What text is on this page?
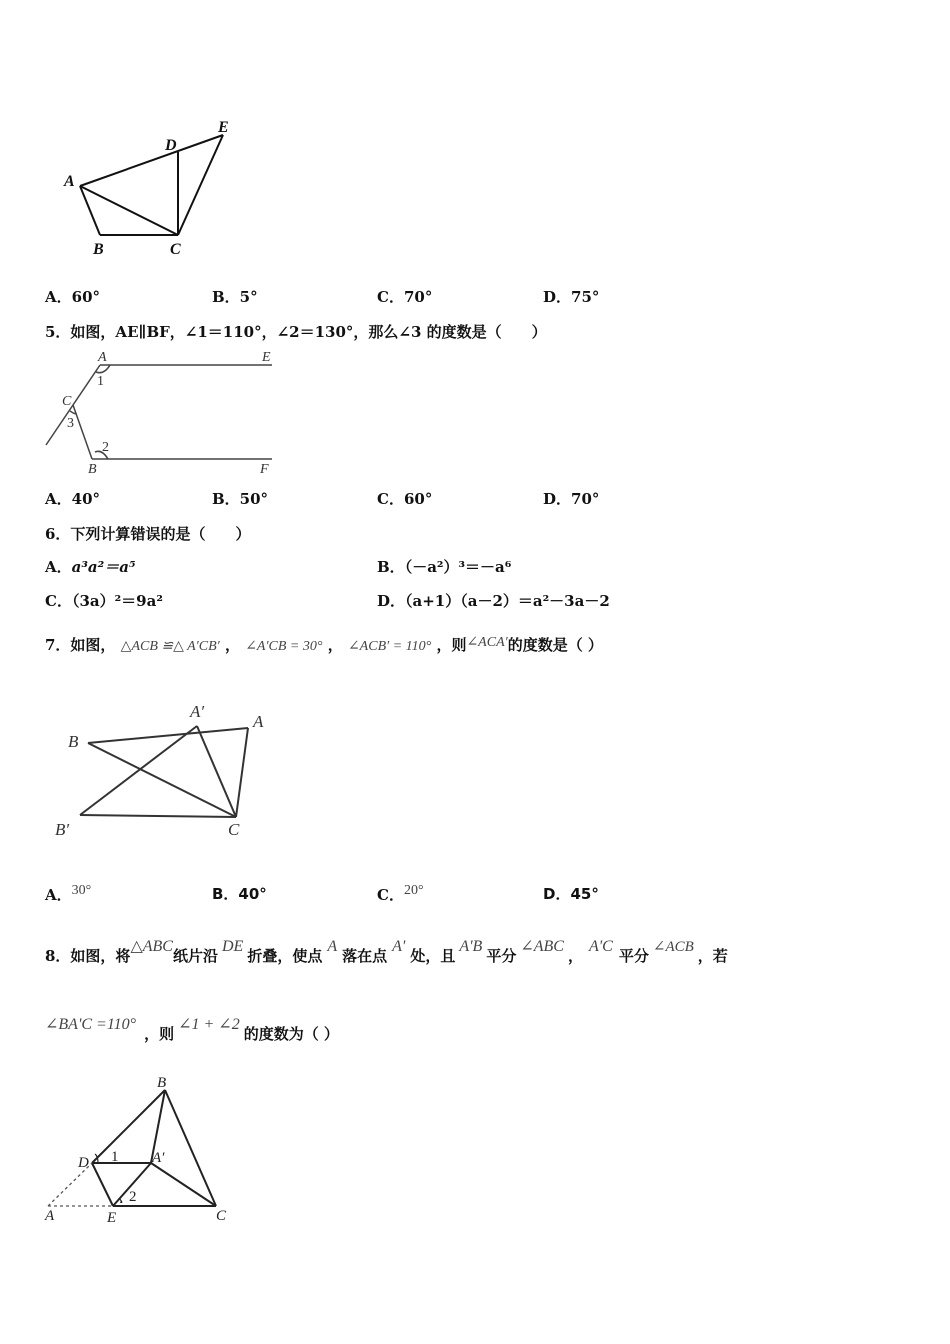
A
B	C
D
E
A．60°	B．5°	C．70°	D．75°
5．如图，AE∥BF，∠1＝110°，∠2＝130°，那么∠3 的度数是（　　）
A	E
C
B	F
1
2
3
A．40°	B．50°	C．60°	D．70°
6．下列计算错误的是（　　）
A．a³a²＝a⁵	B．（－a²）³＝－a⁶
C．（3a）²＝9a²	D．（a+1）（a－2）＝a²－3a－2
7．如图， △ACB ≌△ A′CB′ ， ∠A′CB = 30° ， ∠ACB′ = 110° ，则∠ACA′的度数是（ ）
B
A′
A
B′	C
A．30°	B．40°	C．20°	D．45°
8．如图，将△ABC纸片沿DE折叠，使点A落在点A'处，且A'B平分∠ABC，A'C平分 ∠ACB ，若
∠BA'C =110°，则∠1 + ∠2的度数为（ ）
B
D	A′
A	E	C
1
2
